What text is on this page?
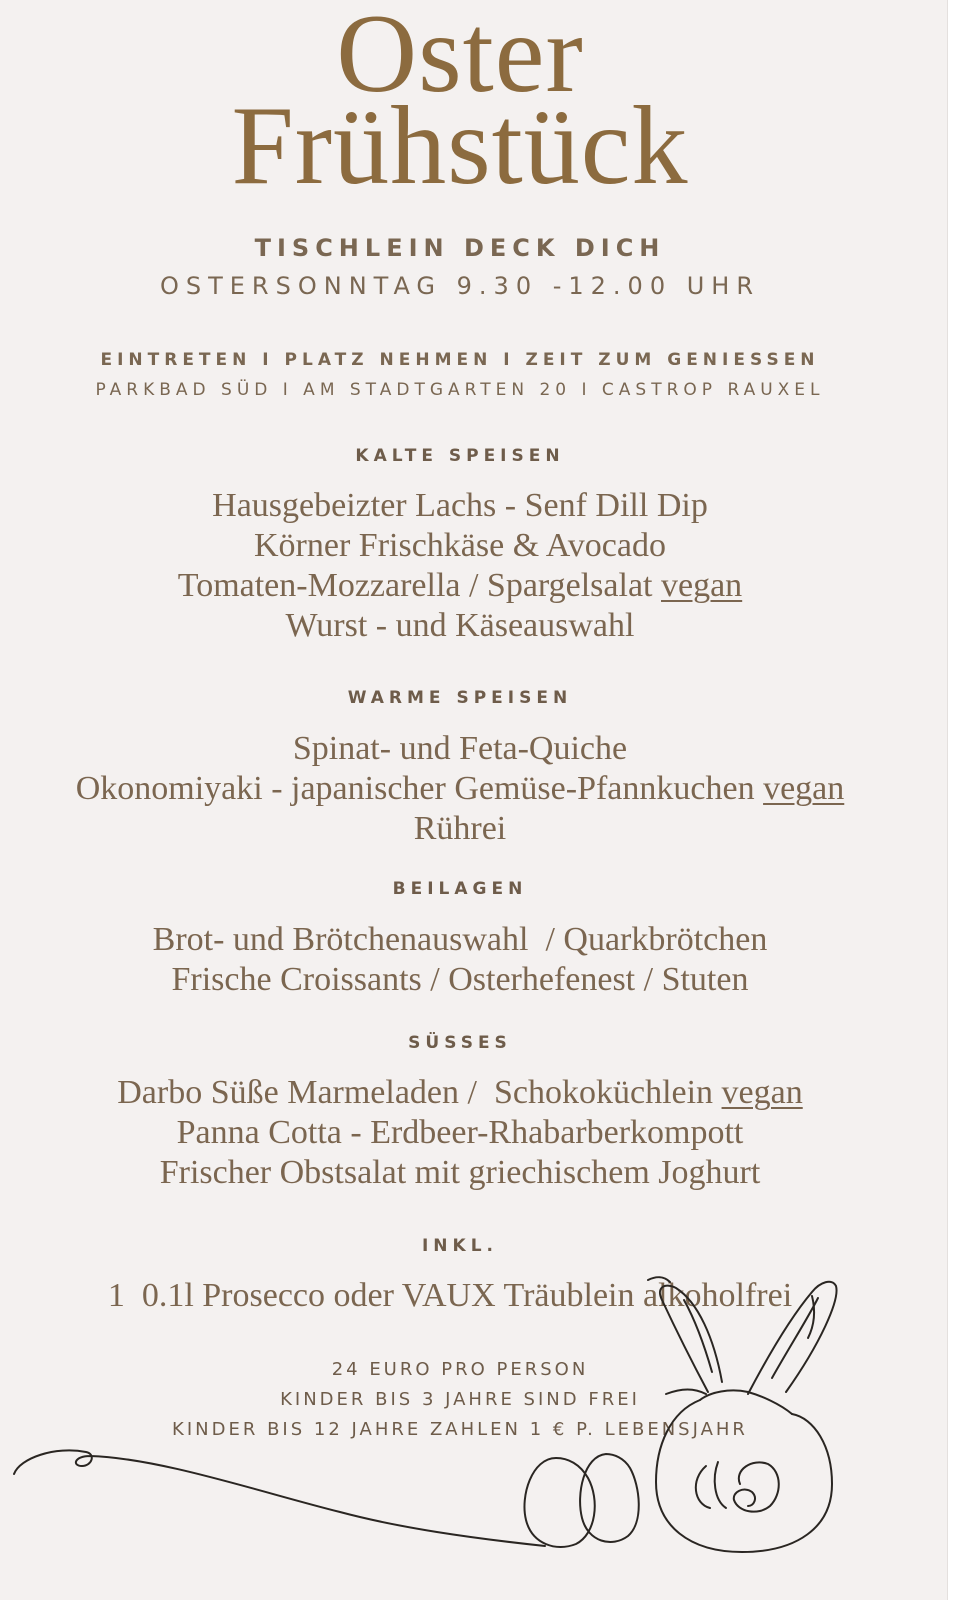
Oster
Frühstück

TISCHLEIN DECK DICH

OSTERSONNTAG 9.30 -12.00 UHR

EINTRETEN I PLATZ NEHMEN I ZEIT ZUM GENIESSEN

PARKBAD SÜD I AM STADTGARTEN 20 I CASTROP RAUXEL

KALTE SPEISEN

Hausgebeizter Lachs - Senf Dill Dip
Körner Frischkäse & Avocado
Tomaten-Mozzarella / Spargelsalat vegan
Wurst - und Käseauswahl

WARME SPEISEN

Spinat- und Feta-Quiche
Okonomiyaki - japanischer Gemüse-Pfannkuchen vegan
Rührei

BEILAGEN

Brot- und Brötchenauswahl  / Quarkbrötchen
Frische Croissants / Osterhefenest / Stuten

SÜSSES

Darbo Süße Marmeladen /  Schokoküchlein vegan
Panna Cotta - Erdbeer-Rhabarberkompott
Frischer Obstsalat mit griechischem Joghurt

INKL.

1  0.1l Prosecco oder VAUX Träublein alkoholfrei
24 EURO PRO PERSON
KINDER BIS 3 JAHRE SIND FREI
KINDER BIS 12 JAHRE ZAHLEN 1 € P. LEBENSJAHR
